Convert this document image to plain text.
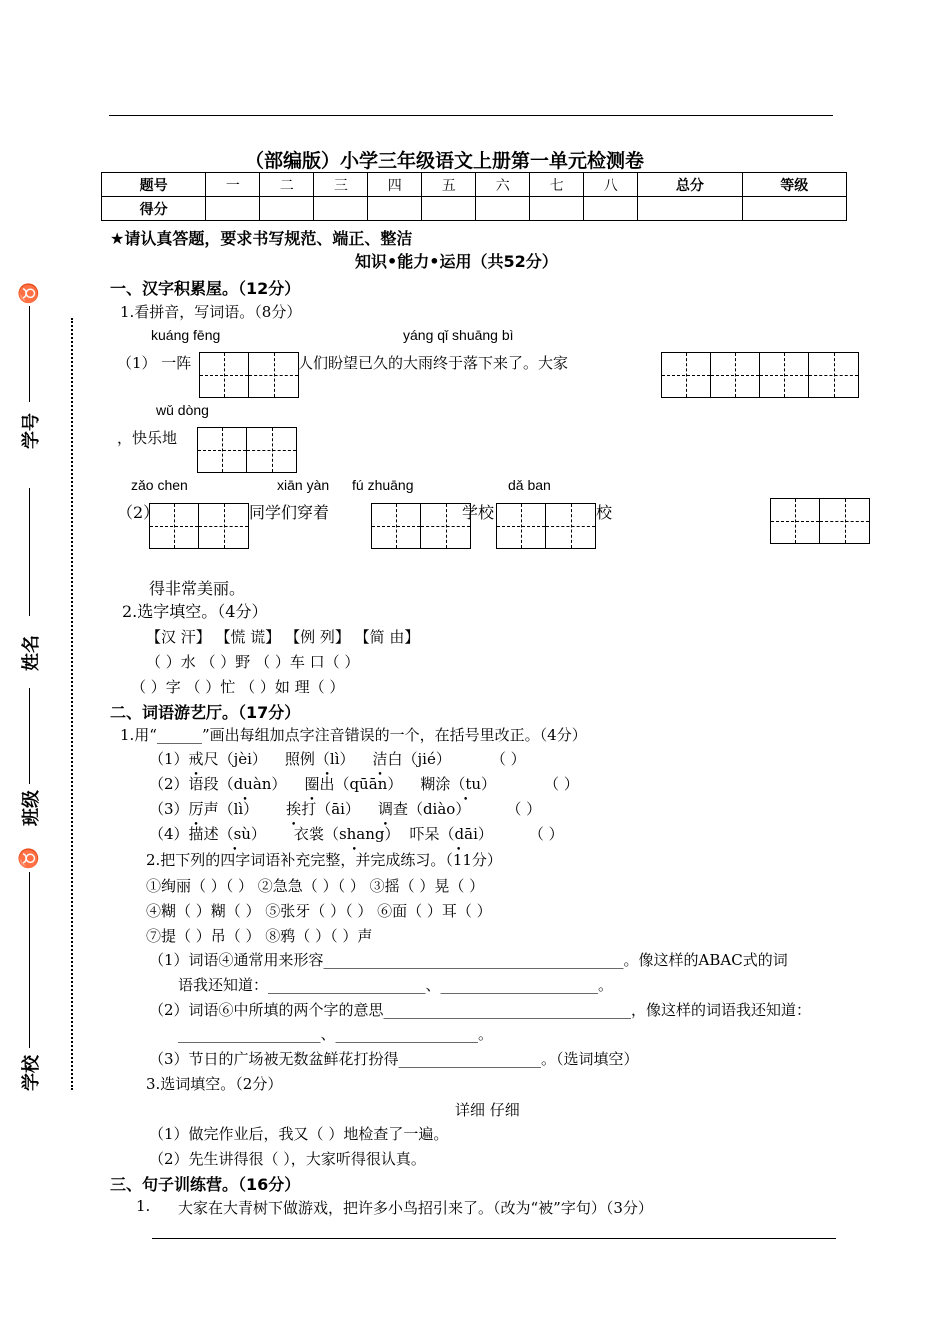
（部编版）小学三年级语文上册第一单元检测卷
题号	一	二	三	四	五	六	七	八	总分	等级
得分										
★请认真答题，要求书写规范、端正、整洁
知识•能力•运用（共52分）
♉
学号
姓名
班级
♉
学校
一、汉字积累屋。（12分）
1.看拼音，写词语。（8分）
kuáng fēng	yáng qǐ shuāng bì
（1） 一阵	人们盼望已久的大雨终于落下来了。大家
wǔ dòng
，快乐地
zǎo chen	xiān yàn fú zhuāng	dǎ ban
（2）	同学们穿着	学校	校
得非常美丽。
2.选字填空。（4分）
【汉 汗】 【慌 谎】 【例 列】 【简 由】
（ ）水 （ ）野 （ ）车 口（ ）
（ ）字 （ ）忙 （ ）如 理（ ）
二、词语游艺厅。（17分）
1.用“______”画出每组加点字注音错误的一个，在括号里改正。（4分）
（1）戒尺（jèi） 照例（lì） • 洁白（jié）	（ ）
（2）语段（duàn） • 圈出（qūān） 糊涂（tu） •	（ ）
（3）厉声（lì） 挨打（āi） 调查（diào） （ ）
（4）描述（sù） • 衣裳（shang） • 吓呆（dāi） • （ ）
2.把下列的四字词语补充完整，并完成练习。（11分）
①绚丽（ ）（ ） ②急急（ ）（ ） ③摇（ ）晃（ ）
④糊（ ）糊（ ） ⑤张牙（ ）（ ） ⑥面（ ）耳（ ）
⑦提（ ）吊（ ） ⑧鸦（ ）（ ）声
（1）词语④通常用来形容________________________________________。像这样的ABAC式的词
语我还知道：_____________________、_____________________。
（2）词语⑥中所填的两个字的意思_________________________________，像这样的词语我还知道：
___________________、___________________。
（3）节日的广场被无数盆鲜花打扮得___________________。（选词填空）
3.选词填空。（2分）
详细 仔细
（1）做完作业后，我又（ ）地检查了一遍。
（2）先生讲得很（ ），大家听得很认真。
三、句子训练营。（16分）
1. 大家在大青树下做游戏，把许多小鸟招引来了。（改为“被”字句）（3分）
